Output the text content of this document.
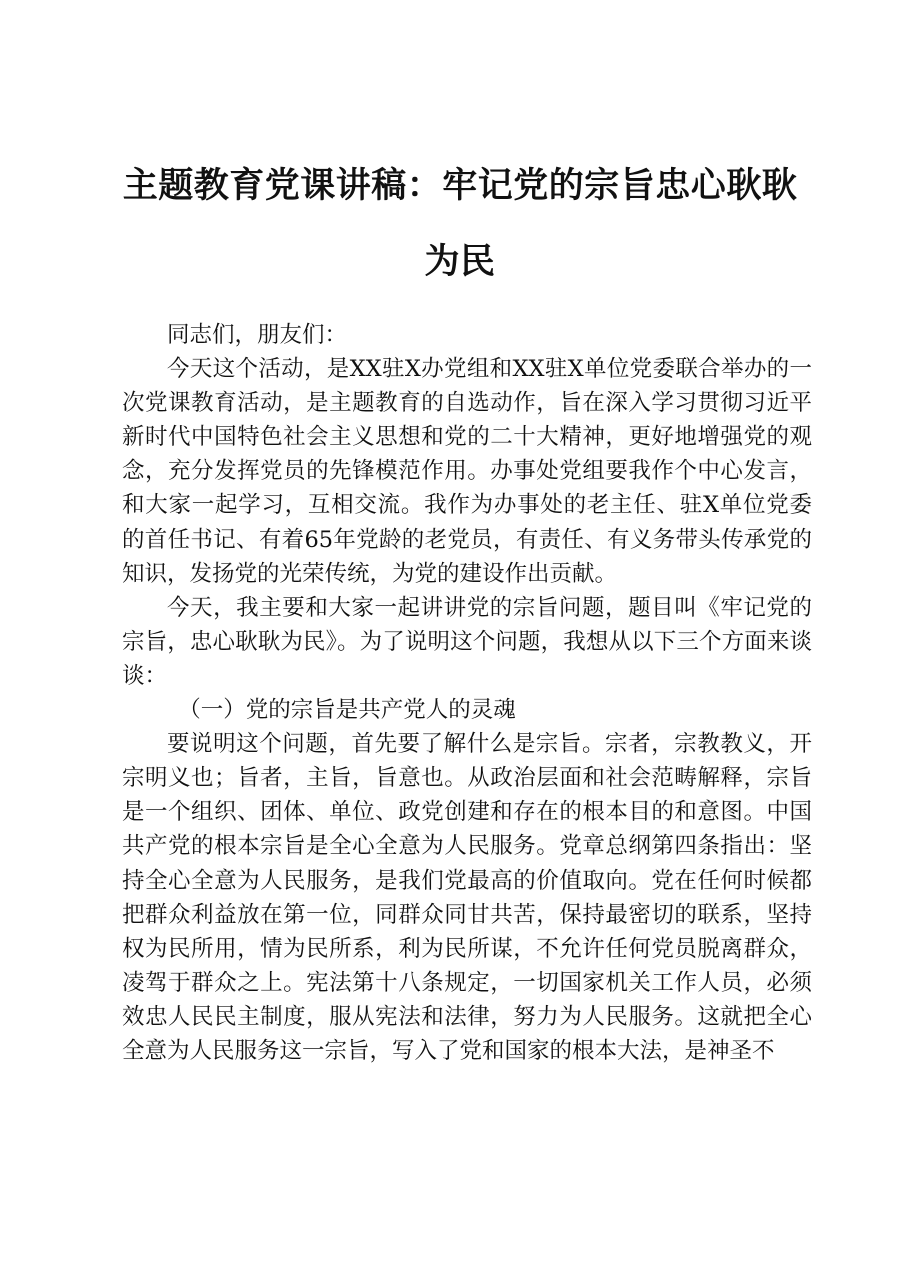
主题教育党课讲稿：牢记党的宗旨忠心耿耿为民

同志们，朋友们：

今天这个活动，是XX驻X办党组和XX驻X单位党委联合举办的一次党课教育活动，是主题教育的自选动作，旨在深入学习贯彻习近平新时代中国特色社会主义思想和党的二十大精神，更好地增强党的观念，充分发挥党员的先锋模范作用。办事处党组要我作个中心发言，和大家一起学习，互相交流。我作为办事处的老主任、驻X单位党委的首任书记、有着65年党龄的老党员，有责任、有义务带头传承党的知识，发扬党的光荣传统，为党的建设作出贡献。

今天，我主要和大家一起讲讲党的宗旨问题，题目叫《牢记党的宗旨，忠心耿耿为民》。为了说明这个问题，我想从以下三个方面来谈谈：

（一）党的宗旨是共产党人的灵魂

要说明这个问题，首先要了解什么是宗旨。宗者，宗教教义，开宗明义也；旨者，主旨，旨意也。从政治层面和社会范畴解释，宗旨是一个组织、团体、单位、政党创建和存在的根本目的和意图。中国共产党的根本宗旨是全心全意为人民服务。党章总纲第四条指出：坚持全心全意为人民服务，是我们党最高的价值取向。党在任何时候都把群众利益放在第一位，同群众同甘共苦，保持最密切的联系，坚持权为民所用，情为民所系，利为民所谋，不允许任何党员脱离群众，凌驾于群众之上。宪法第十八条规定，一切国家机关工作人员，必须效忠人民民主制度，服从宪法和法律，努力为人民服务。这就把全心全意为人民服务这一宗旨，写入了党和国家的根本大法，是神圣不
